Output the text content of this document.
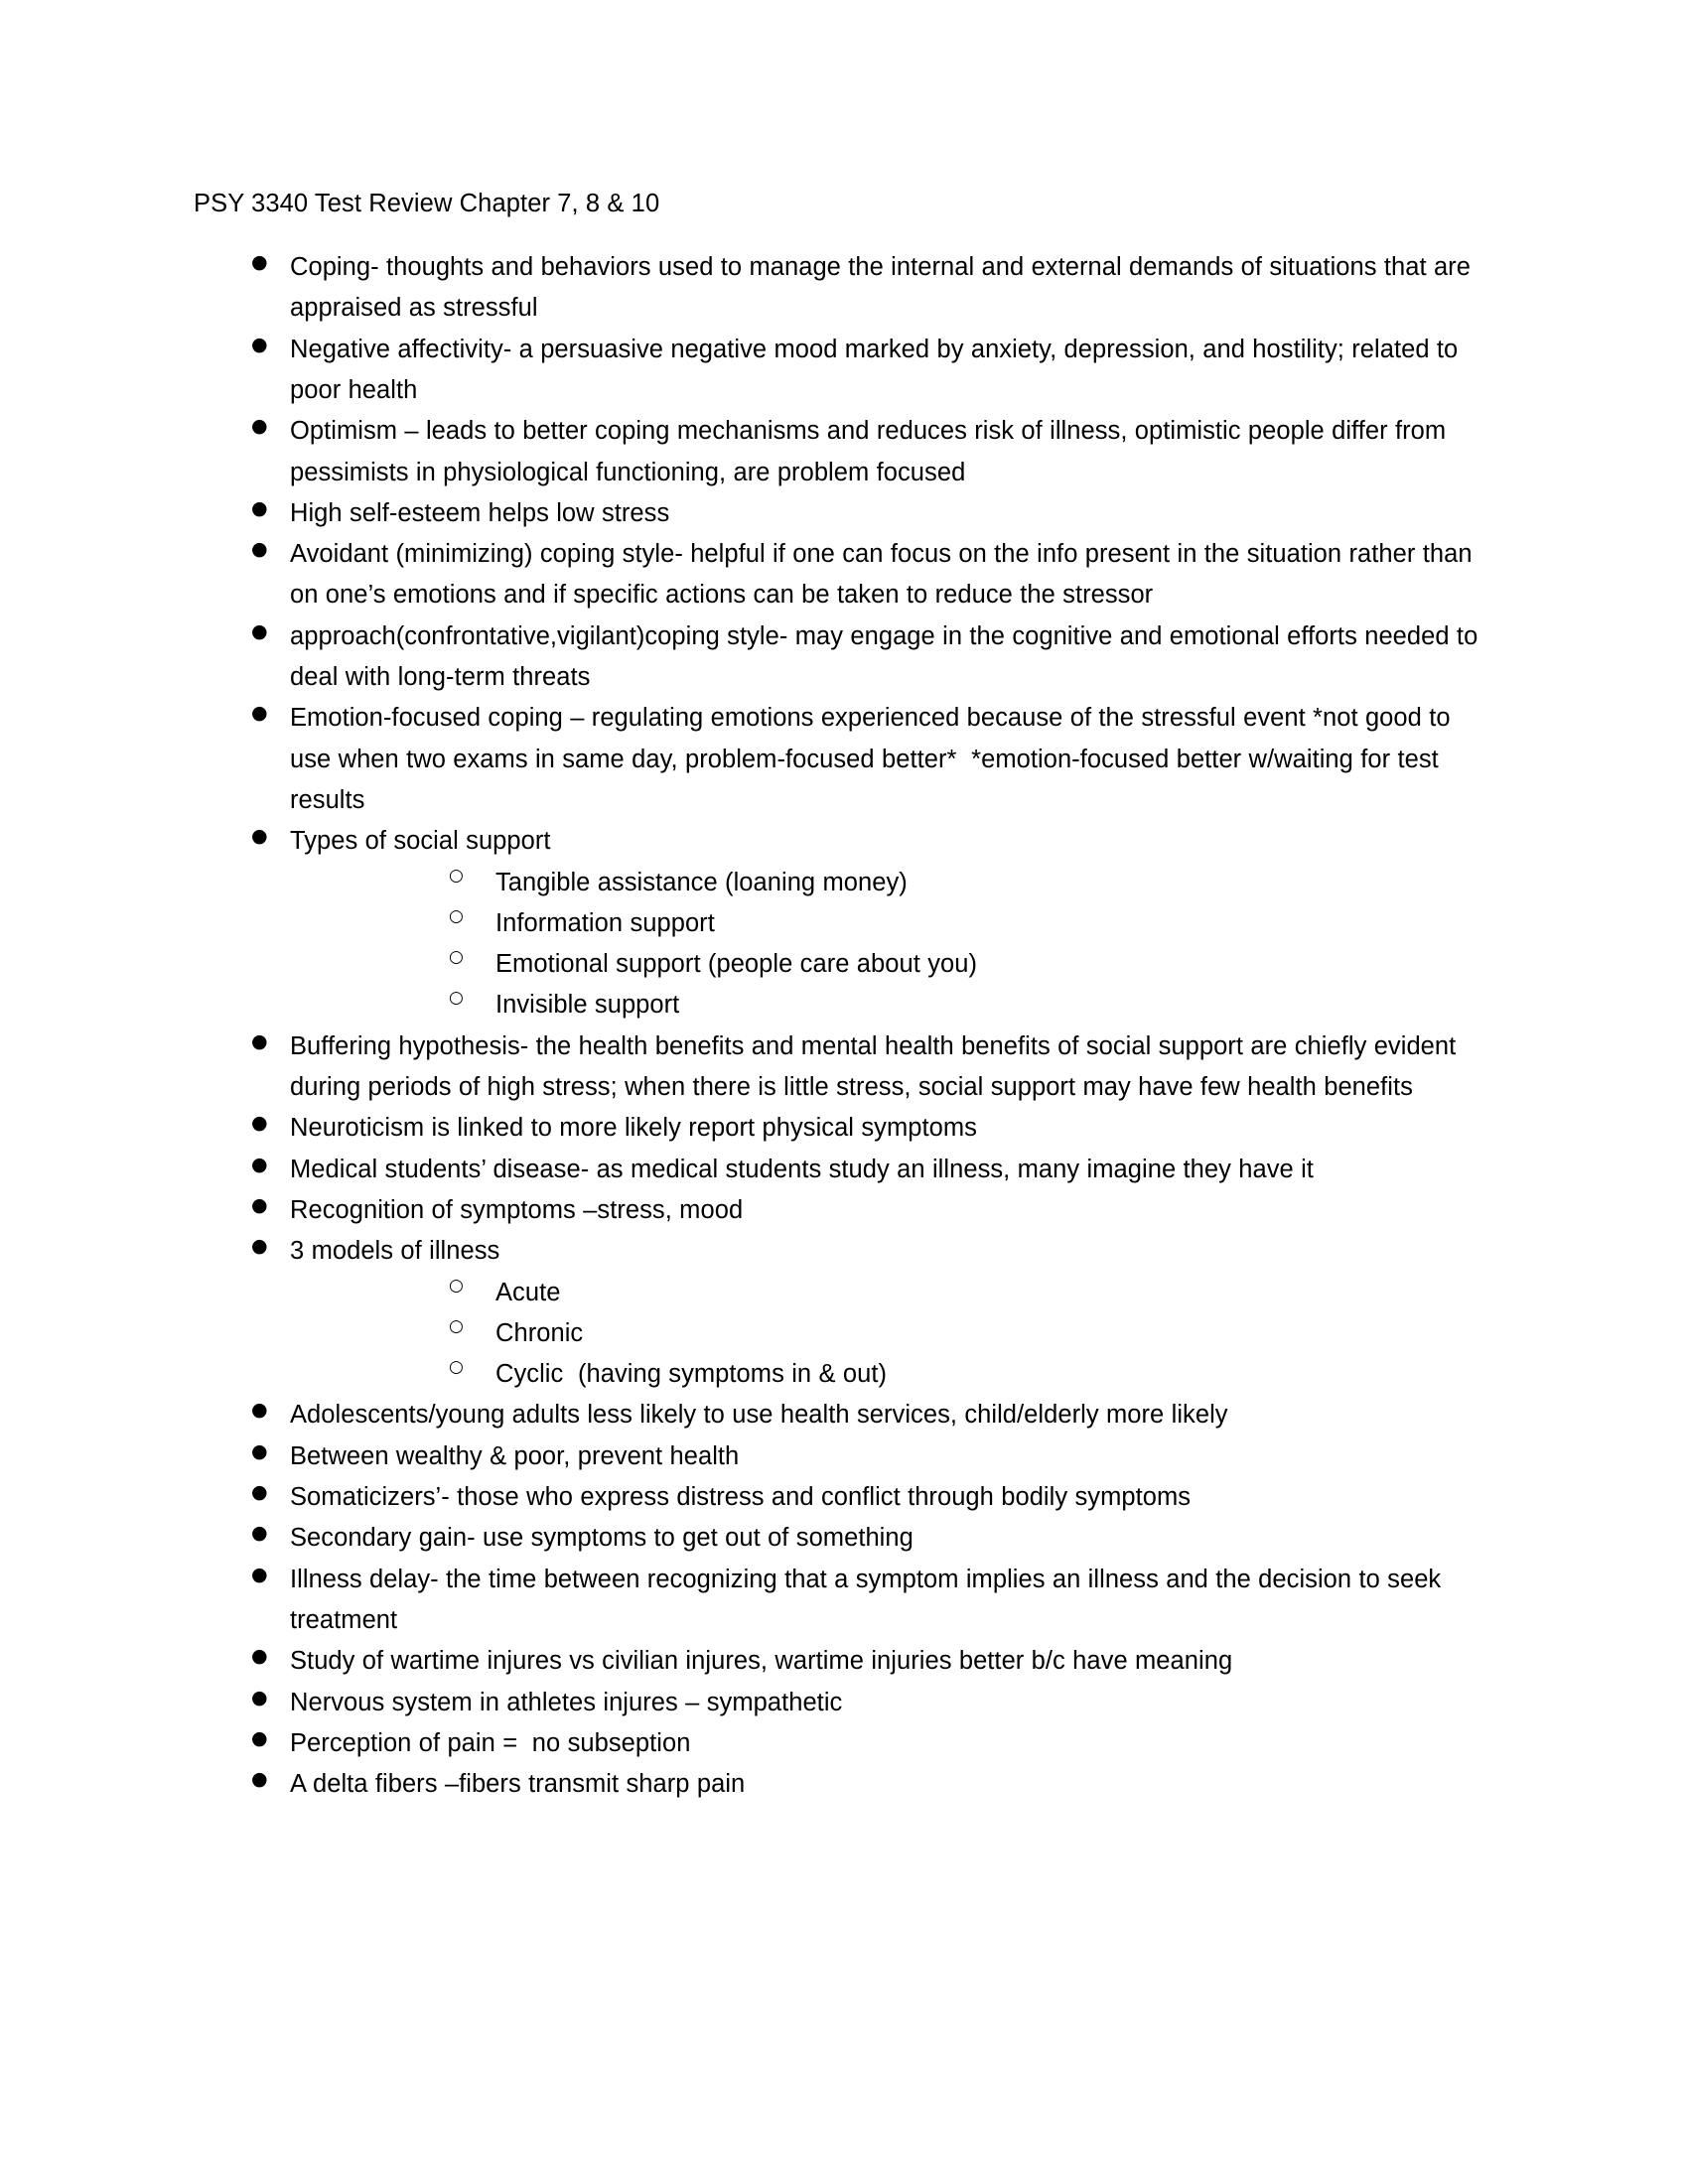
PSY 3340 Test Review Chapter 7, 8 & 10
● Coping- thoughts and behaviors used to manage the internal and external demands of situations that are appraised as stressful
● Negative affectivity- a persuasive negative mood marked by anxiety, depression, and hostility; related to poor health
● Optimism – leads to better coping mechanisms and reduces risk of illness, optimistic people differ from pessimists in physiological functioning, are problem focused
● High self-esteem helps low stress
● Avoidant (minimizing) coping style- helpful if one can focus on the info present in the situation rather than on one’s emotions and if specific actions can be taken to reduce the stressor
● approach(confrontative,vigilant)coping style- may engage in the cognitive and emotional efforts needed to deal with long-term threats
● Emotion-focused coping – regulating emotions experienced because of the stressful event *not good to use when two exams in same day, problem-focused better*  *emotion-focused better w/waiting for test results
● Types of social support
○ Tangible assistance (loaning money)
○ Information support
○ Emotional support (people care about you)
○ Invisible support
● Buffering hypothesis- the health benefits and mental health benefits of social support are chiefly evident during periods of high stress; when there is little stress, social support may have few health benefits
● Neuroticism is linked to more likely report physical symptoms
● Medical students’ disease- as medical students study an illness, many imagine they have it
● Recognition of symptoms –stress, mood
● 3 models of illness
○ Acute
○ Chronic
○ Cyclic  (having symptoms in & out)
● Adolescents/young adults less likely to use health services, child/elderly more likely
● Between wealthy & poor, prevent health
● Somaticizers’- those who express distress and conflict through bodily symptoms
● Secondary gain- use symptoms to get out of something
● Illness delay- the time between recognizing that a symptom implies an illness and the decision to seek treatment
● Study of wartime injures vs civilian injures, wartime injuries better b/c have meaning
● Nervous system in athletes injures – sympathetic
● Perception of pain =  no subseption
● A delta fibers –fibers transmit sharp pain
